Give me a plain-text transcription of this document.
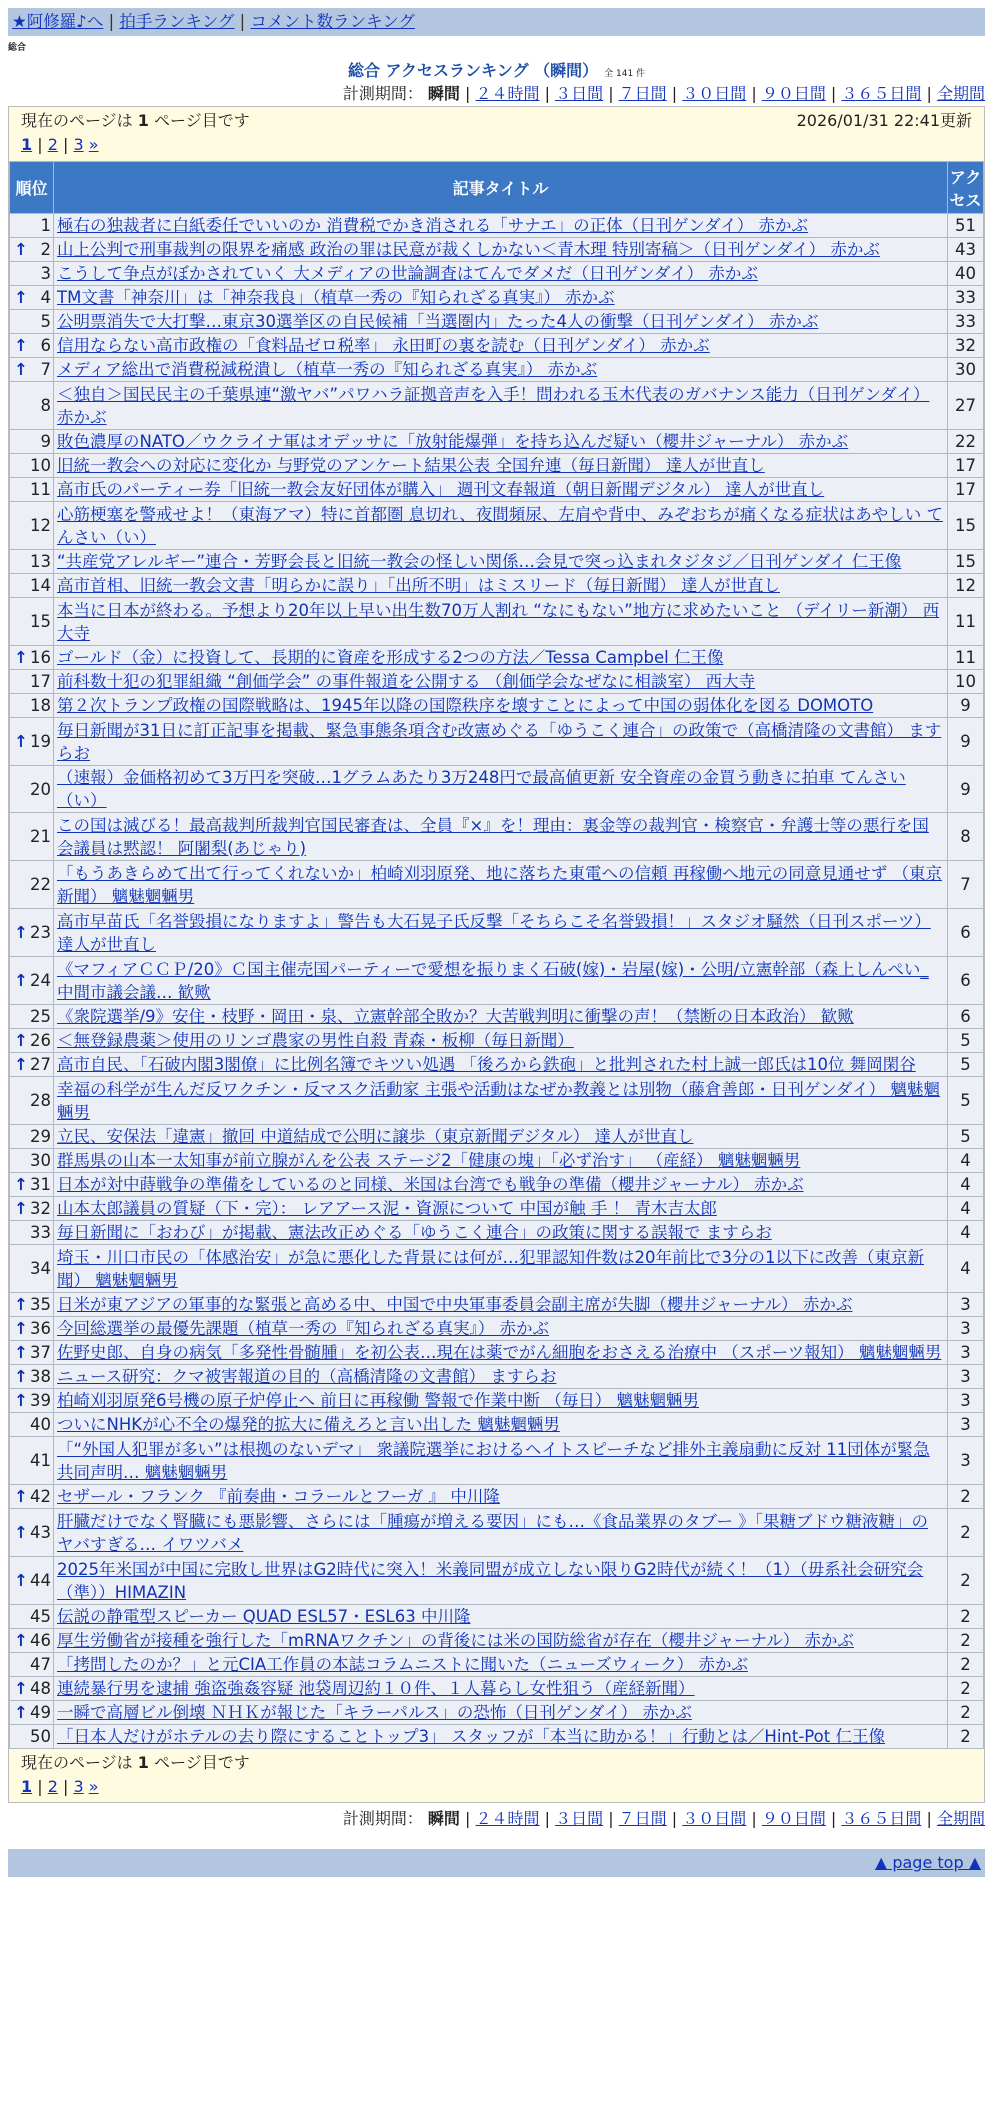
★阿修羅♪へ | 拍手ランキング | コメント数ランキング
総合
総合 アクセスランキング （瞬間） 全 141 件
計測期間： 瞬間 | ２４時間 | ３日間 | ７日間 | ３０日間 | ９０日間 | ３６５日間 | 全期間
現在のページは 1 ページ目です	2026/01/31 22:41更新
1 | 2 | 3 »
順位	記事タイトル	アクセス
1	極右の独裁者に白紙委任でいいのか 消費税でかき消される「サナエ」の正体（日刊ゲンダイ） 赤かぶ	51

↑ 2	山上公判で刑事裁判の限界を痛感 政治の罪は民意が裁くしかない＜青木理 特別寄稿＞（日刊ゲンダイ） 赤かぶ	43
3	こうして争点がぼかされていく 大メディアの世論調査はてんでダメだ（日刊ゲンダイ） 赤かぶ	40

↑ 4	TM文書「神奈川」は「神奈我良」（植草一秀の『知られざる真実』） 赤かぶ	33
5	公明票消失で大打撃…東京30選挙区の自民候補「当選圏内」たった4人の衝撃（日刊ゲンダイ） 赤かぶ	33

↑ 6	信用ならない高市政権の「食料品ゼロ税率」 永田町の裏を読む（日刊ゲンダイ） 赤かぶ	32

↑ 7	メディア総出で消費税減税潰し（植草一秀の『知られざる真実』） 赤かぶ	30
8	＜独自＞国民民主の千葉県連“激ヤバ”パワハラ証拠音声を入手！問われる玉木代表のガバナンス能力（日刊ゲンダイ） 赤かぶ	27
9	敗色濃厚のNATO／ウクライナ軍はオデッサに「放射能爆弾」を持ち込んだ疑い（櫻井ジャーナル） 赤かぶ	22
10	旧統一教会への対応に変化か 与野党のアンケート結果公表 全国弁連（毎日新聞） 達人が世直し	17
11	高市氏のパーティー券「旧統一教会友好団体が購入」 週刊文春報道（朝日新聞デジタル） 達人が世直し	17
12	心筋梗塞を警戒せよ！（東海アマ）特に首都圏 息切れ、夜間頻尿、左肩や背中、みぞおちが痛くなる症状はあやしい てんさい（い）	15
13	“共産党アレルギー”連合・芳野会長と旧統一教会の怪しい関係…会見で突っ込まれタジタジ／日刊ゲンダイ 仁王像	15
14	高市首相、旧統一教会文書「明らかに誤り」「出所不明」はミスリード（毎日新聞） 達人が世直し	12
15	本当に日本が終わる。予想より20年以上早い出生数70万人割れ “なにもない”地方に求めたいこと （デイリー新潮） 西大寺	11

↑ 16	ゴールド（金）に投資して、長期的に資産を形成する2つの方法／Tessa Campbel 仁王像	11
17	前科数十犯の犯罪組織 “創価学会” の事件報道を公開する （創価学会なぜなに相談室） 西大寺	10
18	第２次トランプ政権の国際戦略は、1945年以降の国際秩序を壊すことによって中国の弱体化を図る DOMOTO	9

↑ 19	毎日新聞が31日に訂正記事を掲載、緊急事態条項含む改憲めぐる「ゆうこく連合」の政策で（高橋清隆の文書館） ますらお	9
20	（速報）金価格初めて3万円を突破…1グラムあたり3万248円で最高値更新 安全資産の金買う動きに拍車 てんさい（い）	9
21	この国は滅びる！最高裁判所裁判官国民審査は、全員『×』を！理由：裏金等の裁判官・検察官・弁護士等の悪行を国会議員は黙認！ 阿闍梨(あじゃり)	8
22	「もうあきらめて出て行ってくれないか」柏崎刈羽原発、地に落ちた東電への信頼 再稼働へ地元の同意見通せず （東京新聞） 魑魅魍魎男	7

↑ 23	高市早苗氏「名誉毀損になりますよ」警告も大石晃子氏反撃「そちらこそ名誉毀損！」スタジオ騒然（日刊スポーツ） 達人が世直し	6

↑ 24	《マフィアＣＣＰ/20》Ｃ国主催売国パーティーで愛想を振りまく石破(嫁)・岩屋(嫁)・公明/立憲幹部（森上しんぺい_中間市議会議… 歓歟	6
25	《衆院選挙/9》安住・枝野・岡田・泉、立憲幹部全敗か？大苦戦判明に衝撃の声！（禁断の日本政治） 歓歟	6

↑ 26	＜無登録農薬＞使用のリンゴ農家の男性自殺 青森・板柳（毎日新聞）	5

↑ 27	高市自民、「石破内閣3閣僚」に比例名簿でキツい処遇 「後ろから鉄砲」と批判された村上誠一郎氏は10位 舞岡閑谷	5
28	幸福の科学が生んだ反ワクチン・反マスク活動家 主張や活動はなぜか教義とは別物（藤倉善郎・日刊ゲンダイ） 魑魅魍魎男	5
29	立民、安保法「違憲」撤回 中道結成で公明に譲歩（東京新聞デジタル） 達人が世直し	5
30	群馬県の山本一太知事が前立腺がんを公表 ステージ2「健康の塊」「必ず治す」 （産経） 魑魅魍魎男	4

↑ 31	日本が対中蒔戦争の準備をしているのと同様、米国は台湾でも戦争の準備（櫻井ジャーナル） 赤かぶ	4

↑ 32	山本太郎議員の質疑（下・完）： レアアース泥・資源について 中国が触 手 ！ 青木吉太郎	4
33	毎日新聞に「おわび」が掲載、憲法改正めぐる「ゆうこく連合」の政策に関する誤報で ますらお	4
34	埼玉・川口市民の「体感治安」が急に悪化した背景には何が…犯罪認知件数は20年前比で3分の1以下に改善（東京新聞） 魑魅魍魎男	4

↑ 35	日米が東アジアの軍事的な緊張と高める中、中国で中央軍事委員会副主席が失脚（櫻井ジャーナル） 赤かぶ	3

↑ 36	今回総選挙の最優先課題（植草一秀の『知られざる真実』） 赤かぶ	3

↑ 37	佐野史郎、自身の病気「多発性骨髄腫」を初公表…現在は薬でがん細胞をおさえる治療中 （スポーツ報知） 魑魅魍魎男	3

↑ 38	ニュース研究：クマ被害報道の目的（高橋清隆の文書館） ますらお	3

↑ 39	柏崎刈羽原発6号機の原子炉停止へ 前日に再稼働 警報で作業中断 （毎日） 魑魅魍魎男	3
40	ついにNHKが心不全の爆発的拡大に備えろと言い出した 魑魅魍魎男	3
41	「“外国人犯罪が多い”は根拠のないデマ」 衆議院選挙におけるヘイトスピーチなど排外主義扇動に反対 11団体が緊急共同声明… 魑魅魍魎男	3

↑ 42	セザール・フランク 『前奏曲・コラールとフーガ 』 中川隆	2

↑ 43	肝臓だけでなく腎臓にも悪影響、さらには「腫瘍が増える要因」にも…《食品業界のタブー 》「果糖ブドウ糖液糖」のヤバすぎる… イワツバメ	2

↑ 44	2025年米国が中国に完敗し世界はG2時代に突入！米義同盟が成立しない限りG2時代が続く！（1）（毋系社会研究会（準））HIMAZIN	2
45	伝説の静電型スピーカー QUAD ESL57・ESL63 中川隆	2

↑ 46	厚生労働省が接種を強行した「mRNAワクチン」の背後には米の国防総省が存在（櫻井ジャーナル） 赤かぶ	2
47	「拷問したのか？」と元CIA工作員の本誌コラムニストに聞いた（ニューズウィーク） 赤かぶ	2

↑ 48	連続暴行男を逮捕 強盗強姦容疑 池袋周辺約１０件、１人暮らし女性狙う（産経新聞）	2

↑ 49	一瞬で高層ビル倒壊 ＮＨＫが報じた「キラーパルス」の恐怖（日刊ゲンダイ） 赤かぶ	2
50	「日本人だけがホテルの去り際にすることトップ3」 スタッフが「本当に助かる！」行動とは／Hint-Pot 仁王像	2
現在のページは 1 ページ目です
1 | 2 | 3 »
計測期間： 瞬間 | ２４時間 | ３日間 | ７日間 | ３０日間 | ９０日間 | ３６５日間 | 全期間
▲ page top ▲
